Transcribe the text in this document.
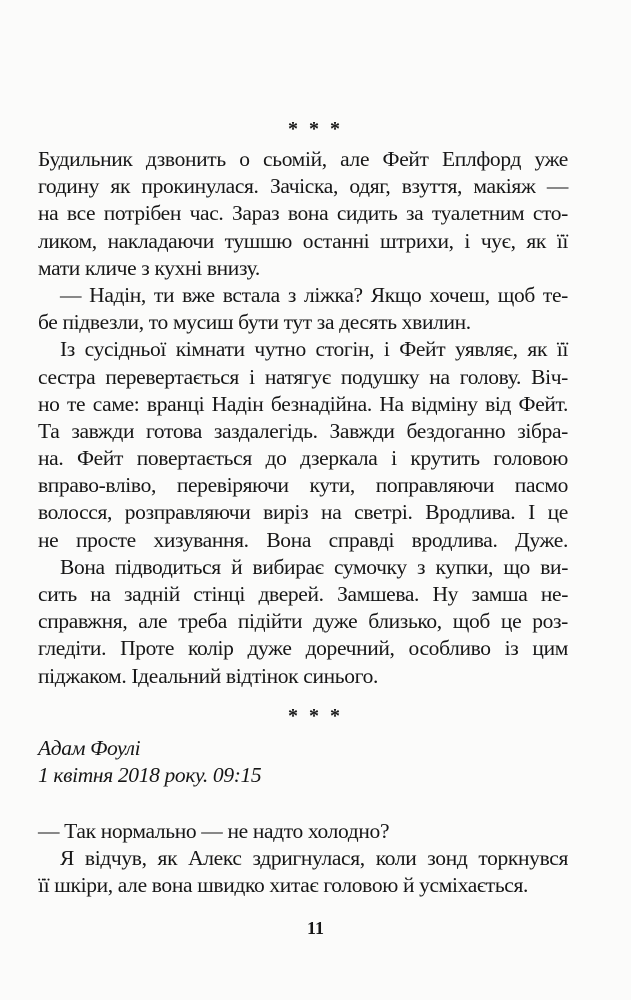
* * *
Будильник дзвонить о сьомій, але Фейт Еплфорд уже
годину як прокинулася. Зачіска, одяг, взуття, макіяж —
на все потрібен час. Зараз вона сидить за туалетним сто-
ликом, накладаючи тушшю останні штрихи, і чує, як її
мати кличе з кухні внизу.
— Надін, ти вже встала з ліжка? Якщо хочеш, щоб те-
бе підвезли, то мусиш бути тут за десять хвилин.
Із сусідньої кімнати чутно стогін, і Фейт уявляє, як її
сестра перевертається і натягує подушку на голову. Віч-
но те саме: вранці Надін безнадійна. На відміну від Фейт.
Та завжди готова заздалегідь. Завжди бездоганно зібра-
на. Фейт повертається до дзеркала і крутить головою
вправо-вліво, перевіряючи кути, поправляючи пасмо
волосся, розправляючи виріз на светрі. Вродлива. І це
не просте хизування. Вона справді вродлива. Дуже.
Вона підводиться й вибирає сумочку з купки, що ви-
сить на задній стінці дверей. Замшева. Ну замша не-
справжня, але треба підійти дуже близько, щоб це роз-
гледіти. Проте колір дуже доречний, особливо із цим
піджаком. Ідеальний відтінок синього.
* * *
Адам Фоулі
1 квітня 2018 року. 09:15
— Так нормально — не надто холодно?
Я відчув, як Алекс здригнулася, коли зонд торкнувся
її шкіри, але вона швидко хитає головою й усміхається.
11
